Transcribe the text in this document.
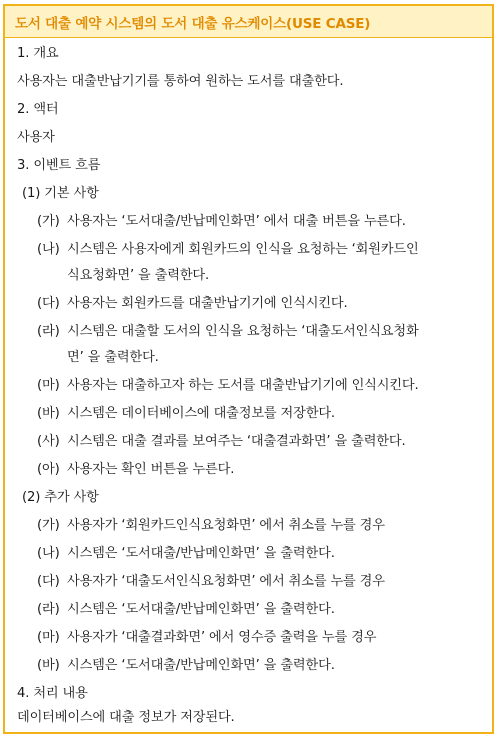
도서 대출 예약 시스템의 도서 대출 유스케이스(USE CASE)
1. 개요
사용자는 대출반납기기를 통하여 원하는 도서를 대출한다.
2. 액터
사용자
3. 이벤트 흐름
(1) 기본 사항
(가) 사용자는 ‘도서대출/반납메인화면’ 에서 대출 버튼을 누른다.
(나) 시스템은 사용자에게 회원카드의 인식을 요청하는 ‘회원카드인
식요청화면’ 을 출력한다.
(다) 사용자는 회원카드를 대출반납기기에 인식시킨다.
(라) 시스템은 대출할 도서의 인식을 요청하는 ‘대출도서인식요청화
면’ 을 출력한다.
(마) 사용자는 대출하고자 하는 도서를 대출반납기기에 인식시킨다.
(바) 시스템은 데이터베이스에 대출정보를 저장한다.
(사) 시스템은 대출 결과를 보여주는 ‘대출결과화면’ 을 출력한다.
(아) 사용자는 확인 버튼을 누른다.
(2) 추가 사항
(가) 사용자가 ‘회원카드인식요청화면’ 에서 취소를 누를 경우
(나) 시스템은 ‘도서대출/반납메인화면’ 을 출력한다.
(다) 사용자가 ‘대출도서인식요청화면’ 에서 취소를 누를 경우
(라) 시스템은 ‘도서대출/반납메인화면’ 을 출력한다.
(마) 사용자가 ‘대출결과화면’ 에서 영수증 출력을 누를 경우
(바) 시스템은 ‘도서대출/반납메인화면’ 을 출력한다.
4. 처리 내용
데이터베이스에 대출 정보가 저장된다.
